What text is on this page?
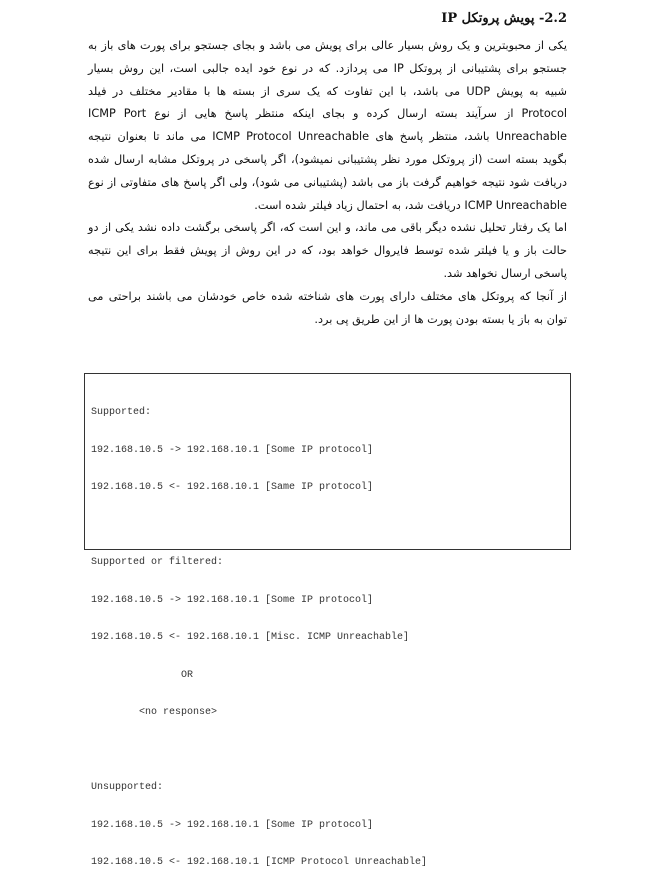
2.2- پویش پروتکل IP
یکی از محبوبترین و یک روش بسیار عالی برای پویش می باشد و بجای جستجو برای پورت های باز به
جستجو برای پشتیبانی از پروتکل IP می پردازد. که در نوع خود ایده جالبی است، این روش بسیار
شبیه به پویش UDP می باشد، با این تفاوت که یک سری از بسته ها با مقادیر مختلف در فیلد
Protocol از سرآیند بسته ارسال کرده و بجای اینکه منتظر پاسخ هایی از نوع ICMP Port
Unreachable باشد، منتظر پاسخ های ICMP Protocol Unreachable می ماند تا بعنوان نتیجه
بگوید بسته است (از پروتکل مورد نظر پشتیبانی نمیشود)، اگر پاسخی در پروتکل مشابه ارسال شده
دریافت شود نتیجه خواهیم گرفت باز می باشد (پشتیبانی می شود)، ولی اگر پاسخ های متفاوتی از نوع
ICMP Unreachable دریافت شد، به احتمال زیاد فیلتر شده است.
اما یک رفتار تحلیل نشده دیگر باقی می ماند، و این است که، اگر پاسخی برگشت داده نشد یکی از دو
حالت باز و یا فیلتر شده توسط فایروال خواهد بود، که در این روش از پویش فقط برای این نتیجه
پاسخی ارسال نخواهد شد.
از آنجا که پروتکل های مختلف دارای پورت های شناخته شده خاص خودشان می باشند براحتی می
توان به باز یا بسته بودن پورت ها از این طریق پی برد.

Supported:

192.168.10.5 -> 192.168.10.1 [Some IP protocol]

192.168.10.5 <- 192.168.10.1 [Same IP protocol]

Supported or filtered:

192.168.10.5 -> 192.168.10.1 [Some IP protocol]

192.168.10.5 <- 192.168.10.1 [Misc. ICMP Unreachable]

OR

<no response>

Unsupported:

192.168.10.5 -> 192.168.10.1 [Some IP protocol]

192.168.10.5 <- 192.168.10.1 [ICMP Protocol Unreachable]
